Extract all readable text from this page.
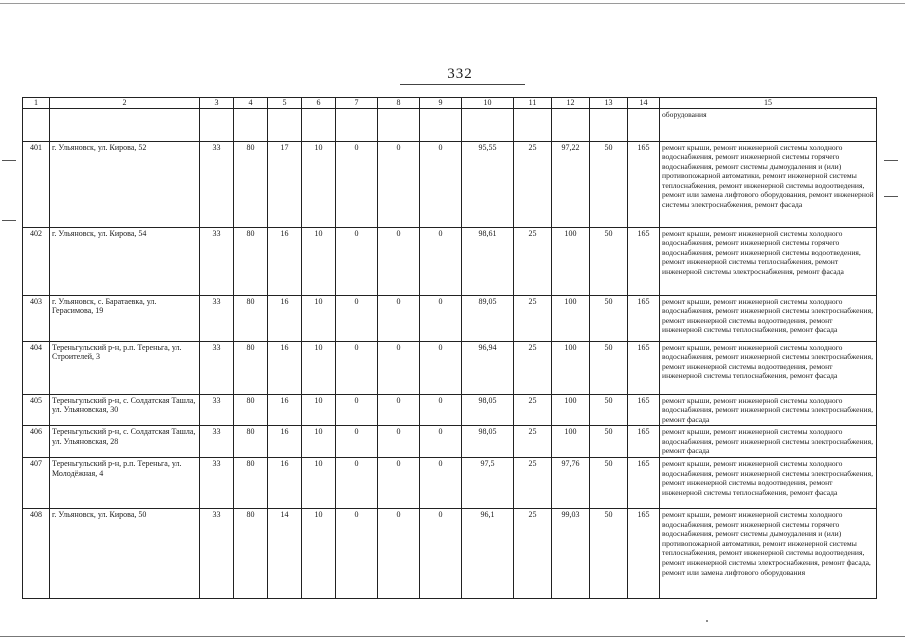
332
1	2	3	4	5	6	7	8	9	10	11	12	13	14	15
														оборудования
401	г. Ульяновск, ул. Кирова, 52	33	80	17	10	0	0	0	95,55	25	97,22	50	165	ремонт крыши, ремонт инженерной системы холодного водоснабжения, ремонт инженерной системы горячего водоснабжения, ремонт системы дымоудаления и (или) противопожарной автоматики, ремонт инженерной системы теплоснабжения, ремонт инженерной системы водоотведения, ремонт или замена лифтового оборудования, ремонт инженерной системы электроснабжения, ремонт фасада
402	г. Ульяновск, ул. Кирова, 54	33	80	16	10	0	0	0	98,61	25	100	50	165	ремонт крыши, ремонт инженерной системы холодного водоснабжения, ремонт инженерной системы горячего водоснабжения, ремонт инженерной системы водоотведения, ремонт инженерной системы теплоснабжения, ремонт инженерной системы электроснабжения, ремонт фасада
403	г. Ульяновск, с. Баратаевка, ул. Герасимова, 19	33	80	16	10	0	0	0	89,05	25	100	50	165	ремонт крыши, ремонт инженерной системы холодного водоснабжения, ремонт инженерной системы электроснабжения, ремонт инженерной системы водоотведения, ремонт инженерной системы теплоснабжения, ремонт фасада
404	Тереньгульский р-н, р.п. Тереньга, ул. Строителей, 3	33	80	16	10	0	0	0	96,94	25	100	50	165	ремонт крыши, ремонт инженерной системы холодного водоснабжения, ремонт инженерной системы электроснабжения, ремонт инженерной системы водоотведения, ремонт инженерной системы теплоснабжения, ремонт фасада
405	Тереньгульский р-н, с. Солдатская Ташла, ул. Ульяновская, 30	33	80	16	10	0	0	0	98,05	25	100	50	165	ремонт крыши, ремонт инженерной системы холодного водоснабжения, ремонт инженерной системы электроснабжения, ремонт фасада
406	Тереньгульский р-н, с. Солдатская Ташла, ул. Ульяновская, 28	33	80	16	10	0	0	0	98,05	25	100	50	165	ремонт крыши, ремонт инженерной системы холодного водоснабжения, ремонт инженерной системы электроснабжения, ремонт фасада
407	Тереньгульский р-н, р.п. Тереньга, ул. Молодёжная, 4	33	80	16	10	0	0	0	97,5	25	97,76	50	165	ремонт крыши, ремонт инженерной системы холодного водоснабжения, ремонт инженерной системы электроснабжения, ремонт инженерной системы водоотведения, ремонт инженерной системы теплоснабжения, ремонт фасада
408	г. Ульяновск, ул. Кирова, 50	33	80	14	10	0	0	0	96,1	25	99,03	50	165	ремонт крыши, ремонт инженерной системы холодного водоснабжения, ремонт инженерной системы горячего водоснабжения, ремонт системы дымоудаления и (или) противопожарной автоматики, ремонт инженерной системы теплоснабжения, ремонт инженерной системы водоотведения, ремонт инженерной системы электроснабжения, ремонт фасада, ремонт или замена лифтового оборудования
